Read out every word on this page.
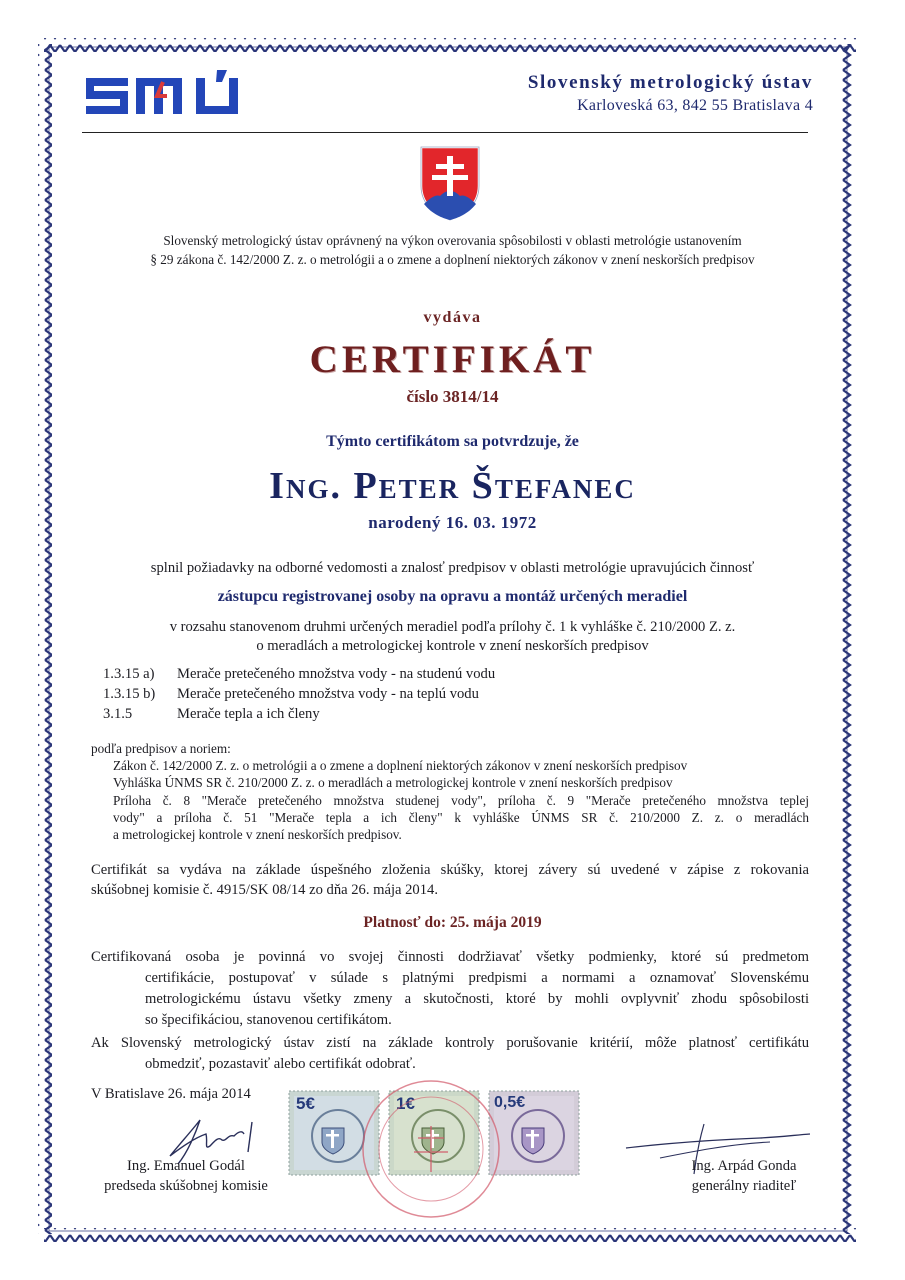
Slovenský metrologický ústav
Karloveská 63, 842 55 Bratislava 4
Slovenský metrologický ústav oprávnený na výkon overovania spôsobilosti v oblasti metrológie ustanovením
§ 29 zákona č. 142/2000 Z. z. o metrológii a o zmene a doplnení niektorých zákonov v znení neskorších predpisov
vydáva
CERTIFIKÁT
číslo 3814/14
Týmto certifikátom sa potvrdzuje, že
Ing. Peter Štefanec
narodený 16. 03. 1972
splnil požiadavky na odborné vedomosti a znalosť predpisov v oblasti metrológie upravujúcich činnosť
zástupcu registrovanej osoby na opravu a montáž určených meradiel
v rozsahu stanovenom druhmi určených meradiel podľa prílohy č. 1 k vyhláške č. 210/2000 Z. z.
o meradlách a metrologickej kontrole v znení neskorších predpisov
1.3.15 a) Merače pretečeného množstva vody - na studenú vodu
1.3.15 b) Merače pretečeného množstva vody - na teplú vodu
3.1.5	Merače tepla a ich členy
podľa predpisov a noriem:
Zákon č. 142/2000 Z. z. o metrológii a o zmene a doplnení niektorých zákonov v znení neskorších predpisov
Vyhláška ÚNMS SR č. 210/2000 Z. z. o meradlách a metrologickej kontrole v znení neskorších predpisov
Príloha č. 8 "Merače pretečeného množstva studenej vody", príloha č. 9 "Merače pretečeného množstva teplej
vody" a príloha č. 51 "Merače tepla a ich členy" k vyhláške ÚNMS SR č. 210/2000 Z. z. o meradlách
a metrologickej kontrole v znení neskorších predpisov.
Certifikát sa vydáva na základe úspešného zloženia skúšky, ktorej závery sú uvedené v zápise z rokovania
skúšobnej komisie č. 4915/SK 08/14 zo dňa 26. mája 2014.
Platnosť do: 25. mája 2019
Certifikovaná osoba je povinná vo svojej činnosti dodržiavať všetky podmienky, ktoré sú predmetom
certifikácie, postupovať v súlade s platnými predpismi a normami a oznamovať Slovenskému
metrologickému ústavu všetky zmeny a skutočnosti, ktoré by mohli ovplyvniť zhodu spôsobilosti
so špecifikáciou, stanovenou certifikátom.
Ak Slovenský metrologický ústav zistí na základe kontroly porušovanie kritérií, môže platnosť certifikátu
obmedziť, pozastaviť alebo certifikát odobrať.
V Bratislave 26. mája 2014
Ing. Emanuel Godál
predseda skúšobnej komisie
Ing. Arpád Gonda
generálny riaditeľ
5€	1€	0,5€
